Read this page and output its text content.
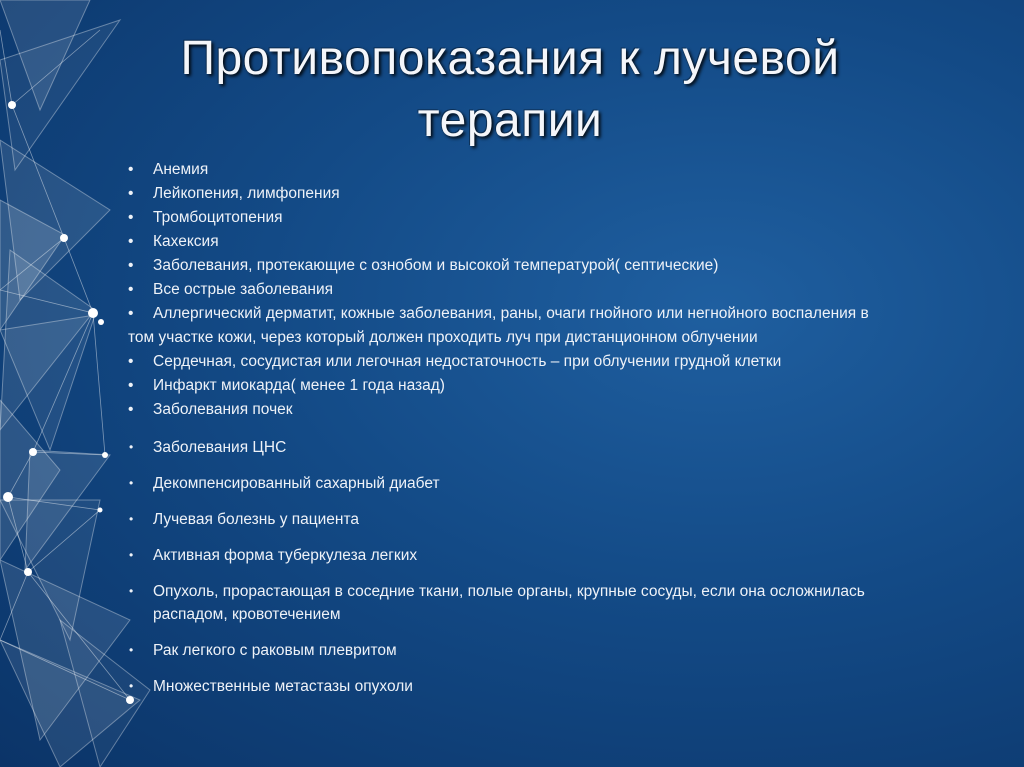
Противопоказания к лучевой
терапии
• Анемия
• Лейкопения, лимфопения
• Тромбоцитопения
• Кахексия
• Заболевания, протекающие с ознобом и высокой температурой( септические)
• Все острые заболевания
• Аллергический дерматит, кожные заболевания, раны, очаги гнойного или негнойного воспаления в
том участке кожи, через который должен проходить луч при дистанционном облучении
• Сердечная, сосудистая или легочная недостаточность – при облучении грудной клетки
• Инфаркт миокарда( менее 1 года назад)
• Заболевания почек
• Заболевания ЦНС
• Декомпенсированный сахарный диабет
• Лучевая болезнь у пациента
• Активная форма туберкулеза легких
• Опухоль, прорастающая в соседние ткани, полые органы, крупные сосуды, если она осложнилась
распадом, кровотечением
• Рак легкого с раковым плевритом
• Множественные метастазы опухоли
